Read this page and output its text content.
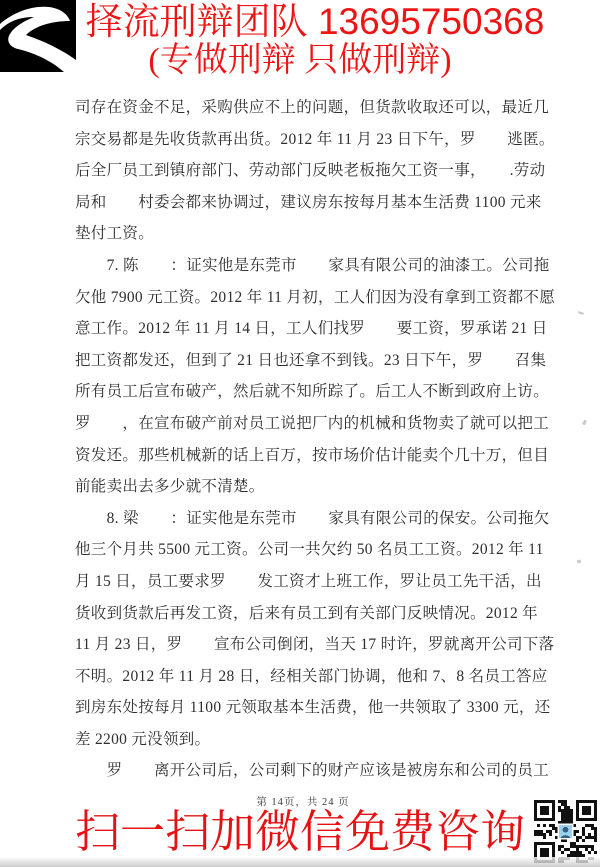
择流刑辩团队 13695750368
(专做刑辩 只做刑辩)
司存在资金不足，采购供应不上的问题，但货款收取还可以，最近几
宗交易都是先收货款再出货。2012 年 11 月 23 日下午，罗　　逃匿。
后全厂员工到镇府部门、劳动部门反映老板拖欠工资一事，　　.劳动
局和　　村委会都来协调过，建议房东按每月基本生活费 1100 元来
垫付工资。
　　7. 陈　　：证实他是东莞市　　家具有限公司的油漆工。公司拖
欠他 7900 元工资。2012 年 11 月初，工人们因为没有拿到工资都不愿
意工作。2012 年 11 月 14 日，工人们找罗　　要工资，罗承诺 21 日
把工资都发还，但到了 21 日也还拿不到钱。23 日下午，罗　　召集
所有员工后宣布破产，然后就不知所踪了。后工人不断到政府上访。
罗　　，在宣布破产前对员工说把厂内的机械和货物卖了就可以把工
资发还。那些机械新的话上百万，按市场价估计能卖个几十万，但目
前能卖出去多少就不清楚。
　　8. 梁　　：证实他是东莞市　　家具有限公司的保安。公司拖欠
他三个月共 5500 元工资。公司一共欠约 50 名员工工资。2012 年 11
月 15 日，员工要求罗　　发工资才上班工作，罗让员工先干活，出
货收到货款后再发工资，后来有员工到有关部门反映情况。2012 年
11 月 23 日，罗　　宣布公司倒闭，当天 17 时许，罗就离开公司下落
不明。2012 年 11 月 28 日，经相关部门协调，他和 7、8 名员工答应
到房东处按每月 1100 元领取基本生活费，他一共领取了 3300 元，还
差 2200 元没领到。
　　罗　　离开公司后，公司剩下的财产应该是被房东和公司的员工
第 14页，共 24 页
扫一扫加微信免费咨询
